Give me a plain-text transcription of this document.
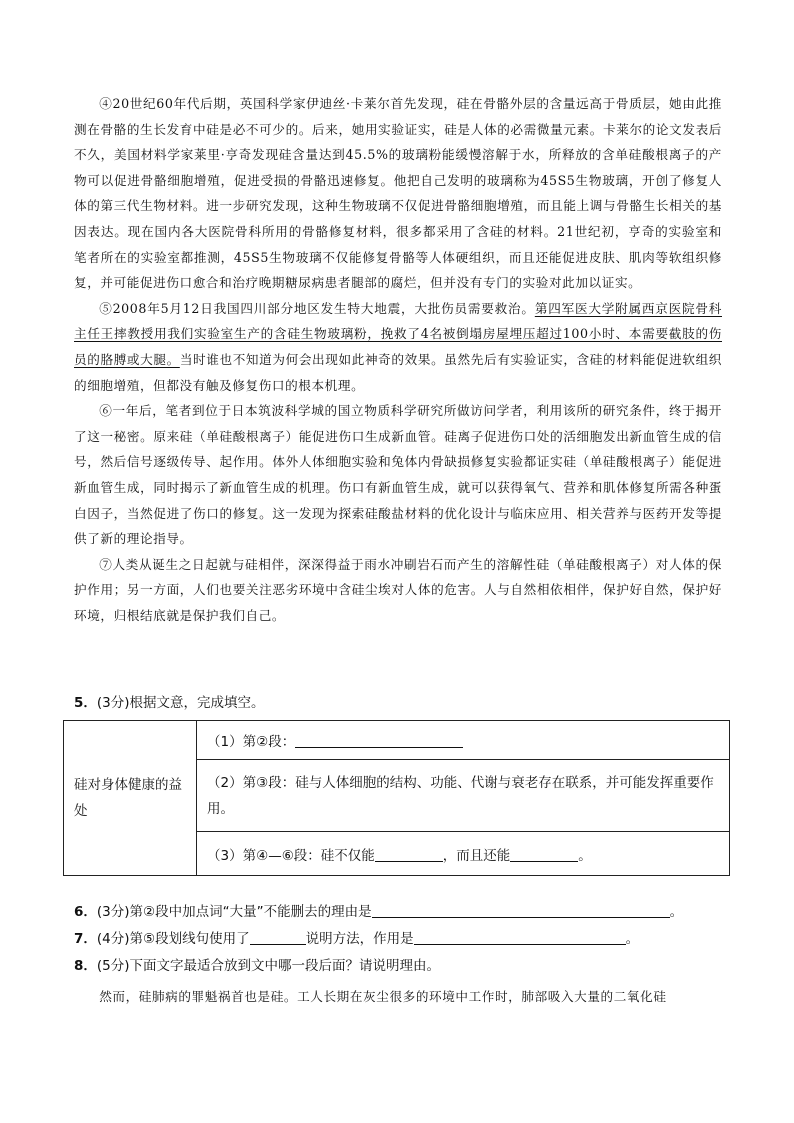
④20世纪60年代后期，英国科学家伊迪丝·卡莱尔首先发现，硅在骨骼外层的含量远高于骨质层，她由此推测在骨骼的生长发育中硅是必不可少的。后来，她用实验证实，硅是人体的必需微量元素。卡莱尔的论文发表后不久，美国材料学家莱里·亨奇发现硅含量达到45.5%的玻璃粉能缓慢溶解于水，所释放的含单硅酸根离子的产物可以促进骨骼细胞增殖，促进受损的骨骼迅速修复。他把自己发明的玻璃称为45S5生物玻璃，开创了修复人体的第三代生物材料。进一步研究发现，这种生物玻璃不仅促进骨骼细胞增殖，而且能上调与骨骼生长相关的基因表达。现在国内各大医院骨科所用的骨骼修复材料，很多都采用了含硅的材料。21世纪初，亨奇的实验室和笔者所在的实验室都推测，45S5生物玻璃不仅能修复骨骼等人体硬组织，而且还能促进皮肤、肌肉等软组织修复，并可能促进伤口愈合和治疗晚期糖尿病患者腿部的腐烂，但并没有专门的实验对此加以证实。

⑤2008年5月12日我国四川部分地区发生特大地震，大批伤员需要救治。第四军医大学附属西京医院骨科主任王摔教授用我们实验室生产的含硅生物玻璃粉，挽救了4名被倒塌房屋埋压超过100小时、本需要截肢的伤员的胳膊或大腿。当时谁也不知道为何会出现如此神奇的效果。虽然先后有实验证实，含硅的材料能促进软组织的细胞增殖，但都没有触及修复伤口的根本机理。

⑥一年后，笔者到位于日本筑波科学城的国立物质科学研究所做访问学者，利用该所的研究条件，终于揭开了这一秘密。原来硅（单硅酸根离子）能促进伤口生成新血管。硅离子促进伤口处的活细胞发出新血管生成的信号，然后信号逐级传导、起作用。体外人体细胞实验和兔体内骨缺损修复实验都证实硅（单硅酸根离子）能促进新血管生成，同时揭示了新血管生成的机理。伤口有新血管生成，就可以获得氧气、营养和肌体修复所需各种蛋白因子，当然促进了伤口的修复。这一发现为探索硅酸盐材料的优化设计与临床应用、相关营养与医药开发等提供了新的理论指导。

⑦人类从诞生之日起就与硅相伴，深深得益于雨水冲刷岩石而产生的溶解性硅（单硅酸根离子）对人体的保护作用；另一方面，人们也要关注恶劣环境中含硅尘埃对人体的危害。人与自然相依相伴，保护好自然，保护好环境，归根结底就是保护我们自己。

5．(3分)根据文意，完成填空。
硅对身体健康的益处	（1）第②段：
（2）第③段：硅与人体细胞的结构、功能、代谢与衰老存在联系，并可能发挥重要作用。
（3）第④—⑥段：硅不仅能	，而且还能	。
6．(3分)第②段中加点词“大量”不能删去的理由是	。
7．(4分)第⑤段划线句使用了	说明方法，作用是	。
8．(5分)下面文字最适合放到文中哪一段后面？请说明理由。
然而，硅肺病的罪魁祸首也是硅。工人长期在灰尘很多的环境中工作时，肺部吸入大量的二氧化硅
